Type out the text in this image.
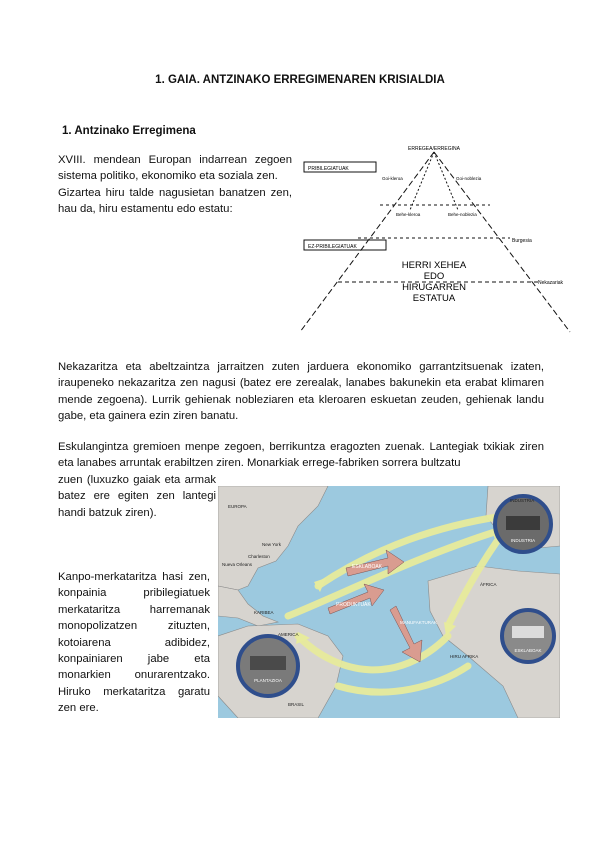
1. GAIA. ANTZINAKO ERREGIMENAREN KRISIALDIA
1. Antzinako Erregimena
XVIII. mendean Europan indarrean zegoen sistema politiko, ekonomiko eta soziala zen.
Gizartea hiru talde nagusietan banatzen zen, hau da, hiru estamentu edo estatu:
ERREGEA/ERREGINA
PRIBILEGIATUAK
EZ-PRIBILEGIATUAK
Goi-kleroa	Goi-noblezia
Behe-kleroa	Behe-noblezia
Burgesia
Nekazariak
HERRI XEHEA
EDO
HIRUGARREN
ESTATUA
Nekazaritza eta abeltzaintza jarraitzen zuten jarduera ekonomiko garrantzitsuenak izaten, iraupeneko nekazaritza zen nagusi (batez ere zerealak, lanabes bakunekin eta erabat klimaren mende zegoena). Lurrik gehienak nobleziaren eta kleroaren eskuetan zeuden, gehienak landu gabe, eta gainera ezin ziren banatu.
Eskulangintza gremioen menpe zegoen, berrikuntza eragozten zuenak. Lantegiak txikiak ziren eta lanabes arruntak erabiltzen ziren. Monarkiak errege-fabriken sorrera bultzatu
zuen (luxuzko gaiak eta armak batez ere egiten zen lantegi handi batzuk ziren).
Kanpo-merkataritza hasi zen, konpainia pribilegiatuek merkataritza harremanak monopolizatzen zituzten, kotoiarena adibidez, konpainiaren jabe eta monarkien onurarentzako. Hiruko merkataritza garatu zen ere.
ESKLABOAK
PRODUKTUAK
MANUFAKTURAK
INDUSTRIA
PLANTAZIOA
ESKLABOAK
EUROPA
INDUSTRIA
New York
Charleston
Nueva Orleans
KARIBEA
ÁFRICA
AMERICA
BRASIL
HIRU AFRIKA
